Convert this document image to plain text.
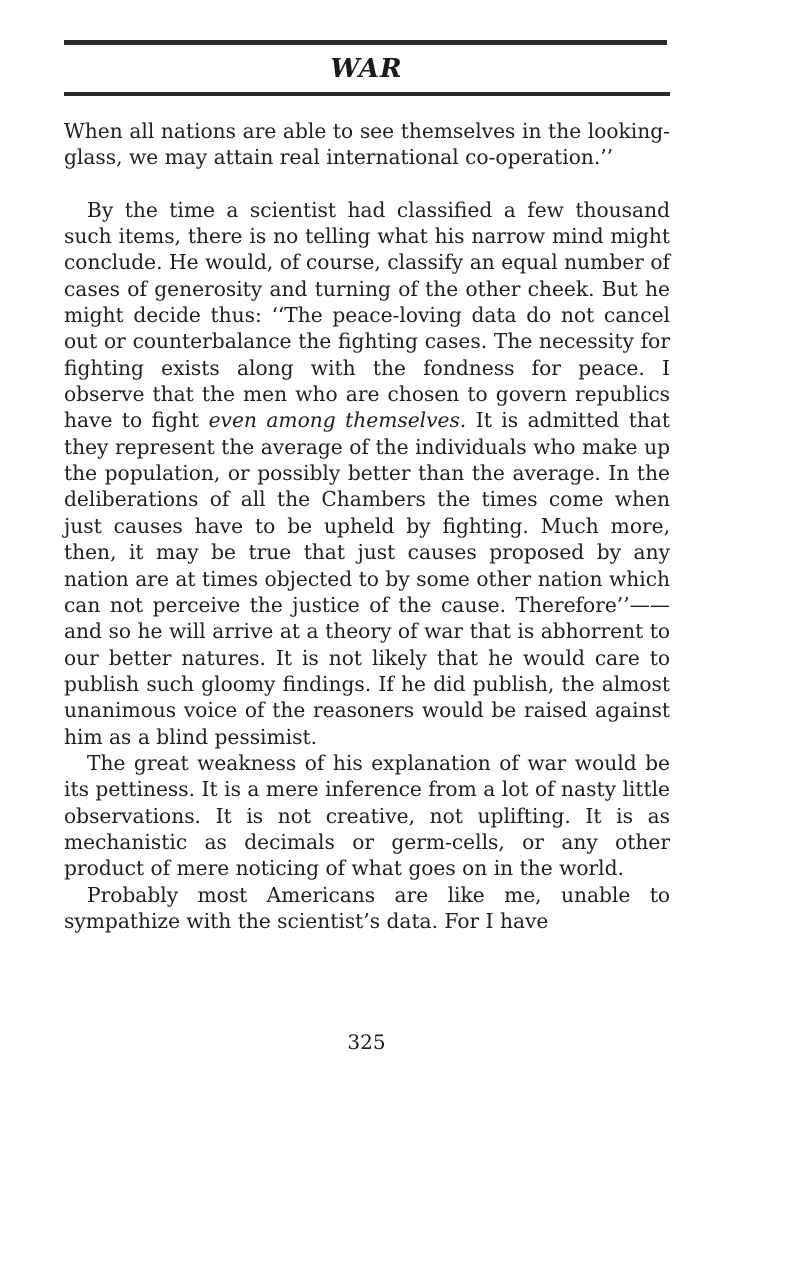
WAR

When all nations are able to see themselves in the looking-glass, we may attain real international co-operation.’’

By the time a scientist had classified a few thousand such items, there is no telling what his narrow mind might conclude. He would, of course, classify an equal number of cases of generosity and turning of the other cheek. But he might decide thus: ‘‘The peace-loving data do not cancel out or counterbalance the fighting cases. The necessity for fighting exists along with the fondness for peace. I observe that the men who are chosen to govern republics have to fight even among themselves. It is admitted that they represent the average of the individuals who make up the population, or possibly better than the average. In the deliberations of all the Chambers the times come when just causes have to be upheld by fighting. Much more, then, it may be true that just causes proposed by any nation are at times objected to by some other nation which can not perceive the justice of the cause. Therefore’’——and so he will arrive at a theory of war that is abhorrent to our better natures. It is not likely that he would care to publish such gloomy findings. If he did publish, the almost unanimous voice of the reasoners would be raised against him as a blind pessimist.

The great weakness of his explanation of war would be its pettiness. It is a mere inference from a lot of nasty little observations. It is not creative, not uplifting. It is as mechanistic as decimals or germ-cells, or any other product of mere noticing of what goes on in the world.

Probably most Americans are like me, unable to sympathize with the scientist’s data. For I have

325
